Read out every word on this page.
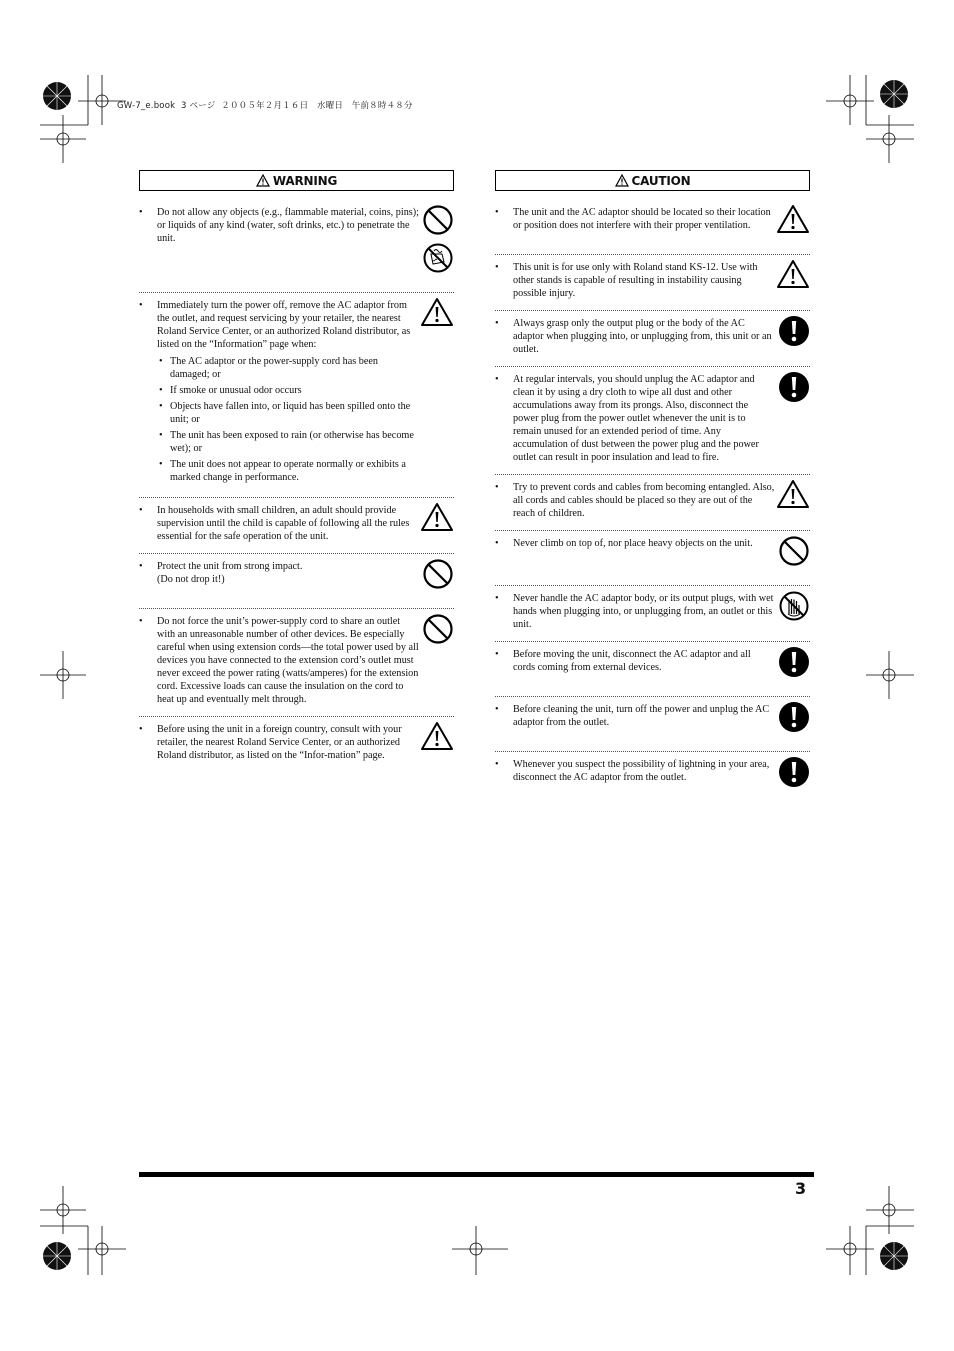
GW-7_e.book  3 ページ  ２００５年２月１６日　水曜日　午前８時４８分
WARNING
• Do not allow any objects (e.g., flammable material, coins, pins); or liquids of any kind (water, soft drinks, etc.) to penetrate the unit.
• Immediately turn the power off, remove the AC adaptor from the outlet, and request servicing by your retailer, the nearest Roland Service Center, or an authorized Roland distributor, as listed on the “Information” page when:
• The AC adaptor or the power-supply cord has been damaged; or
• If smoke or unusual odor occurs
• Objects have fallen into, or liquid has been spilled onto the unit; or
• The unit has been exposed to rain (or otherwise has become wet); or
• The unit does not appear to operate normally or exhibits a marked change in performance.
• In households with small children, an adult should provide supervision until the child is capable of following all the rules essential for the safe operation of the unit.
• Protect the unit from strong impact.
(Do not drop it!)
• Do not force the unit’s power-supply cord to share an outlet with an unreasonable number of other devices. Be especially careful when using extension cords—the total power used by all devices you have connected to the extension cord’s outlet must never exceed the power rating (watts/amperes) for the extension cord. Excessive loads can cause the insulation on the cord to heat up and eventually melt through.
• Before using the unit in a foreign country, consult with your retailer, the nearest Roland Service Center, or an authorized Roland distributor, as listed on the “Infor-mation” page.
CAUTION
• The unit and the AC adaptor should be located so their location or position does not interfere with their proper ventilation.
• This unit is for use only with Roland stand KS-12. Use with other stands is capable of resulting in instability causing possible injury.
• Always grasp only the output plug or the body of the AC adaptor when plugging into, or unplugging from, this unit or an outlet.
• At regular intervals, you should unplug the AC adaptor and clean it by using a dry cloth to wipe all dust and other accumulations away from its prongs. Also, disconnect the power plug from the power outlet whenever the unit is to remain unused for an extended period of time. Any accumulation of dust between the power plug and the power outlet can result in poor insulation and lead to fire.
• Try to prevent cords and cables from becoming entangled. Also, all cords and cables should be placed so they are out of the reach of children.
• Never climb on top of, nor place heavy objects on the unit.
• Never handle the AC adaptor body, or its output plugs, with wet hands when plugging into, or unplugging from, an outlet or this unit.
• Before moving the unit, disconnect the AC adaptor and all cords coming from external devices.
• Before cleaning the unit, turn off the power and unplug the AC adaptor from the outlet.
• Whenever you suspect the possibility of lightning in your area, disconnect the AC adaptor from the outlet.
3
